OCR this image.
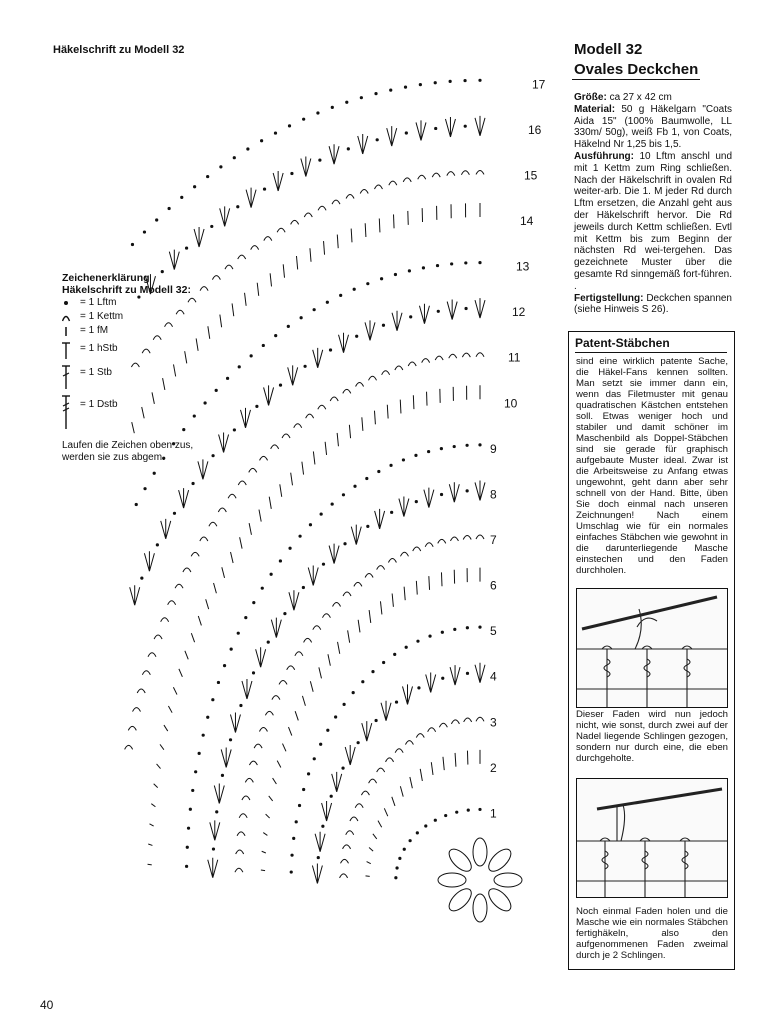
Häkelschrift zu Modell 32
1
2
3
4
5
6
7
8
9
10
11
12
13
14
15
16
17
Zeichenerklärung
Häkelschrift zu Modell 32:
= 1 Lftm
= 1 Kettm
= 1 fM
= 1 hStb
= 1 Stb
= 1 Dstb
Laufen die Zeichen oben zus, werden sie zus abgem.
Modell 32
Ovales Deckchen

Größe: ca 27 x 42 cm

Material: 50 g Häkelgarn "Coats Aida 15" (100% Baumwolle, LL 330m/ 50g), weiß Fb 1, von Coats, Häkelnd Nr 1,25 bis 1,5.

Ausführung: 10 Lftm anschl und mit 1 Kettm zum Ring schließen. Nach der Häkelschrift in ovalen Rd weiter-arb. Die 1. M jeder Rd durch Lftm ersetzen, die Anzahl geht aus der Häkelschrift hervor. Die Rd jeweils durch Kettm schließen. Evtl mit Kettm bis zum Beginn der nächsten Rd wei-tergehen. Das gezeichnete Muster über die gesamte Rd sinngemäß fort-führen. .

Fertigstellung: Deckchen spannen (siehe Hinweis S 26).

Patent-Stäbchen
sind eine wirklich patente Sache, die Häkel-Fans kennen sollten. Man setzt sie immer dann ein, wenn das Filetmuster mit genau quadratischen Kästchen entstehen soll. Etwas weniger hoch und stabiler und damit schöner im Maschenbild als Doppel-Stäbchen sind sie gerade für graphisch aufgebaute Muster ideal. Zwar ist die Arbeitsweise zu Anfang etwas ungewohnt, geht dann aber sehr schnell von der Hand. Bitte, üben Sie doch einmal nach unseren Zeichnungen! Nach einem Umschlag wie für ein normales einfaches Stäbchen wie gewohnt in die darunterliegende Masche einstechen und den Faden durchholen.
Dieser Faden wird nun jedoch nicht, wie sonst, durch zwei auf der Nadel liegende Schlingen gezogen, sondern nur durch eine, die eben durchgeholte.
Noch einmal Faden holen und die Masche wie ein normales Stäbchen fertighäkeln, also den aufgenommenen Faden zweimal durch je 2 Schlingen.
40
